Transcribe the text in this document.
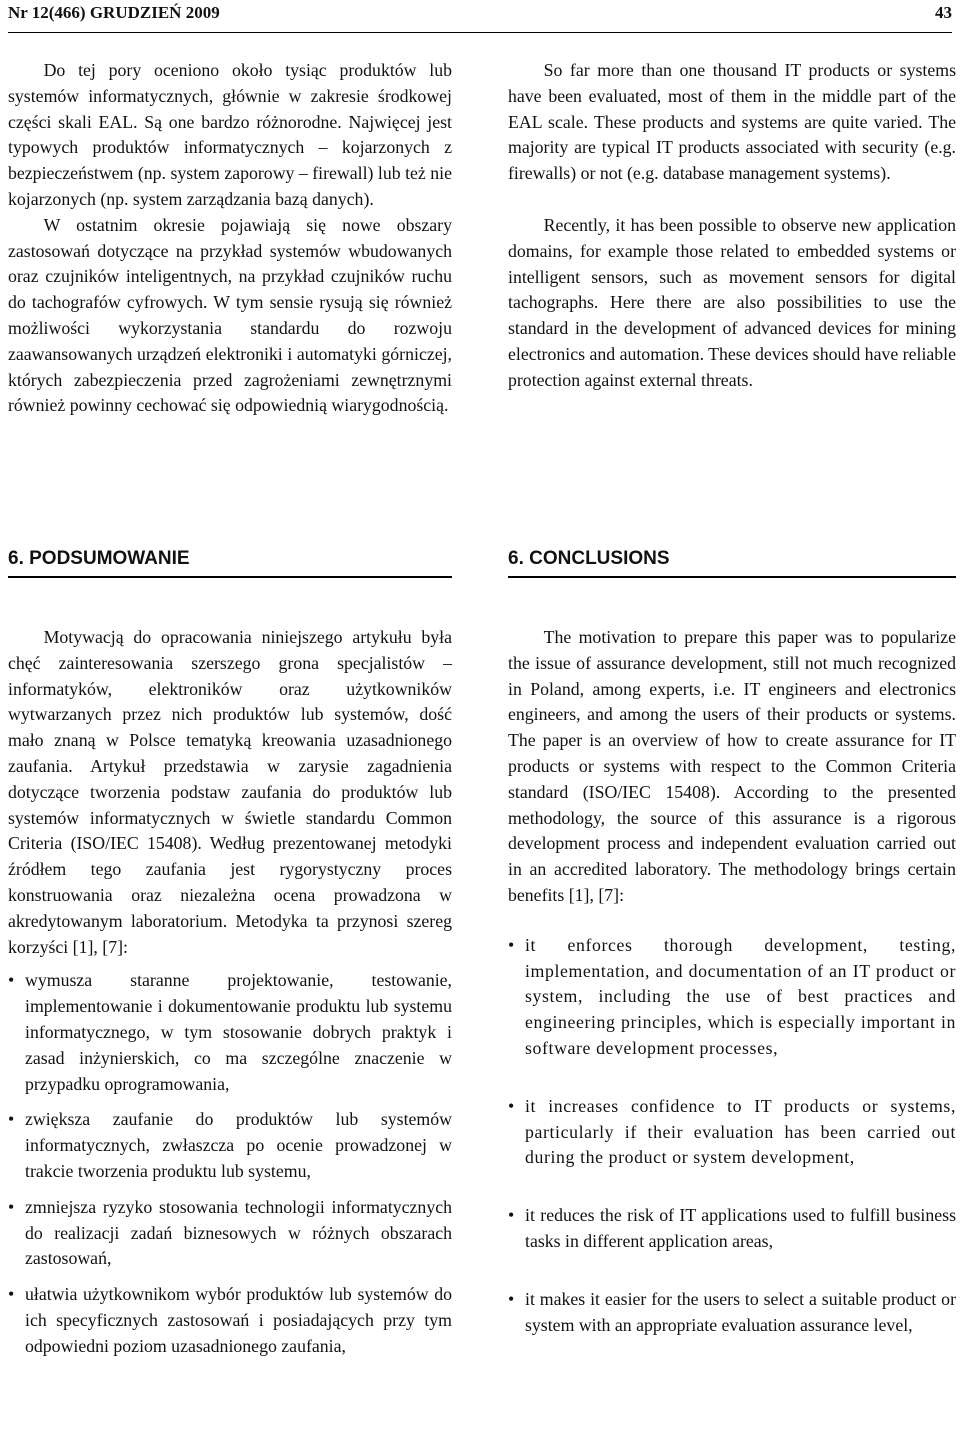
Nr 12(466) GRUDZIEŃ 2009	43

Do tej pory oceniono około tysiąc produktów lub systemów informatycznych, głównie w zakresie środkowej części skali EAL. Są one bardzo różnorodne. Najwięcej jest typowych produktów informatycznych – kojarzonych z bezpieczeństwem (np. system zaporowy – firewall) lub też nie kojarzonych (np. system zarządzania bazą danych).

W ostatnim okresie pojawiają się nowe obszary zastosowań dotyczące na przykład systemów wbudowanych oraz czujników inteligentnych, na przykład czujników ruchu do tachografów cyfrowych. W tym sensie rysują się również możliwości wykorzystania standardu do rozwoju zaawansowanych urządzeń elektroniki i automatyki górniczej, których zabezpieczenia przed zagrożeniami zewnętrznymi również powinny cechować się odpowiednią wiarygodnością.

So far more than one thousand IT products or systems have been evaluated, most of them in the middle part of the EAL scale. These products and systems are quite varied. The majority are typical IT products associated with security (e.g. firewalls) or not (e.g. database management systems).

Recently, it has been possible to observe new application domains, for example those related to embedded systems or intelligent sensors, such as movement sensors for digital tachographs. Here there are also possibilities to use the standard in the development of advanced devices for mining electronics and automation. These devices should have reliable protection against external threats.

6. PODSUMOWANIE	6. CONCLUSIONS

Motywacją do opracowania niniejszego artykułu była chęć zainteresowania szerszego grona specjalistów – informatyków, elektroników oraz użytkowników wytwarzanych przez nich produktów lub systemów, dość mało znaną w Polsce tematyką kreowania uzasadnionego zaufania. Artykuł przedstawia w zarysie zagadnienia dotyczące tworzenia podstaw zaufania do produktów lub systemów informatycznych w świetle standardu Common Criteria (ISO/IEC 15408). Według prezentowanej metodyki źródłem tego zaufania jest rygorystyczny proces konstruowania oraz niezależna ocena prowadzona w akredytowanym laboratorium. Metodyka ta przynosi szereg korzyści [1], [7]:

• wymusza staranne projektowanie, testowanie, implementowanie i dokumentowanie produktu lub systemu informatycznego, w tym stosowanie dobrych praktyk i zasad inżynierskich, co ma szczególne znaczenie w przypadku oprogramowania,
• zwiększa zaufanie do produktów lub systemów informatycznych, zwłaszcza po ocenie prowadzonej w trakcie tworzenia produktu lub systemu,
• zmniejsza ryzyko stosowania technologii informatycznych do realizacji zadań biznesowych w różnych obszarach zastosowań,
• ułatwia użytkownikom wybór produktów lub systemów do ich specyficznych zastosowań i posiadających przy tym odpowiedni poziom uzasadnionego zaufania,

The motivation to prepare this paper was to popularize the issue of assurance development, still not much recognized in Poland, among experts, i.e. IT engineers and electronics engineers, and among the users of their products or systems. The paper is an overview of how to create assurance for IT products or systems with respect to the Common Criteria standard (ISO/IEC 15408). According to the presented methodology, the source of this assurance is a rigorous development process and independent evaluation carried out in an accredited laboratory. The methodology brings certain benefits [1], [7]:

• it enforces thorough development, testing, implementation, and documentation of an IT product or system, including the use of best practices and engineering principles, which is especially important in software development processes,
• it increases confidence to IT products or systems, particularly if their evaluation has been carried out during the product or system development,
• it reduces the risk of IT applications used to fulfill business tasks in different application areas,
• it makes it easier for the users to select a suitable product or system with an appropriate evaluation assurance level,
